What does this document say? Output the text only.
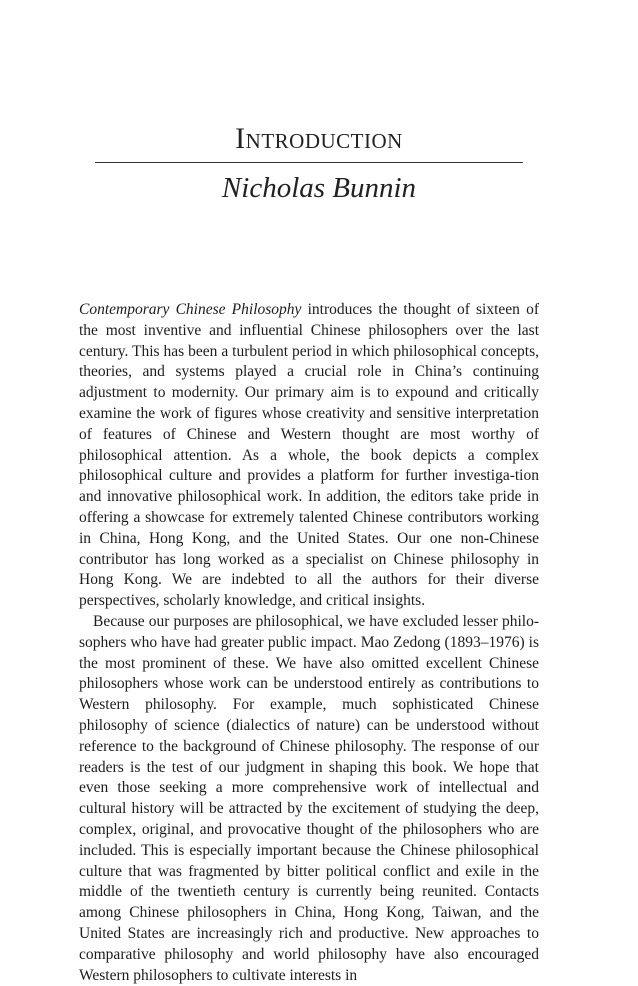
Introduction
Nicholas Bunnin

Contemporary Chinese Philosophy introduces the thought of sixteen of the most inventive and influential Chinese philosophers over the last century. This has been a turbulent period in which philosophical concepts, theories, and systems played a crucial role in China’s continuing adjustment to modernity. Our primary aim is to expound and critically examine the work of figures whose creativity and sensitive interpretation of features of Chinese and Western thought are most worthy of philosophical attention. As a whole, the book depicts a complex philosophical culture and provides a platform for further investiga-tion and innovative philosophical work. In addition, the editors take pride in offering a showcase for extremely talented Chinese contributors working in China, Hong Kong, and the United States. Our one non-Chinese contributor has long worked as a specialist on Chinese philosophy in Hong Kong. We are indebted to all the authors for their diverse perspectives, scholarly knowledge, and critical insights.

Because our purposes are philosophical, we have excluded lesser philosophers who have had greater public impact. Mao Zedong (1893–1976) is the most prominent of these. We have also omitted excellent Chinese philosophers whose work can be understood entirely as contributions to Western philosophy. For example, much sophisticated Chinese philosophy of science (dialectics of nature) can be understood without reference to the background of Chinese philosophy. The response of our readers is the test of our judgment in shaping this book. We hope that even those seeking a more comprehensive work of intellectual and cultural history will be attracted by the excitement of studying the deep, complex, original, and provocative thought of the philosophers who are included. This is especially important because the Chinese philosophical culture that was fragmented by bitter political conflict and exile in the middle of the twentieth century is currently being reunited. Contacts among Chinese philosophers in China, Hong Kong, Taiwan, and the United States are increasingly rich and productive. New approaches to comparative philosophy and world philosophy have also encouraged Western philosophers to cultivate interests in
